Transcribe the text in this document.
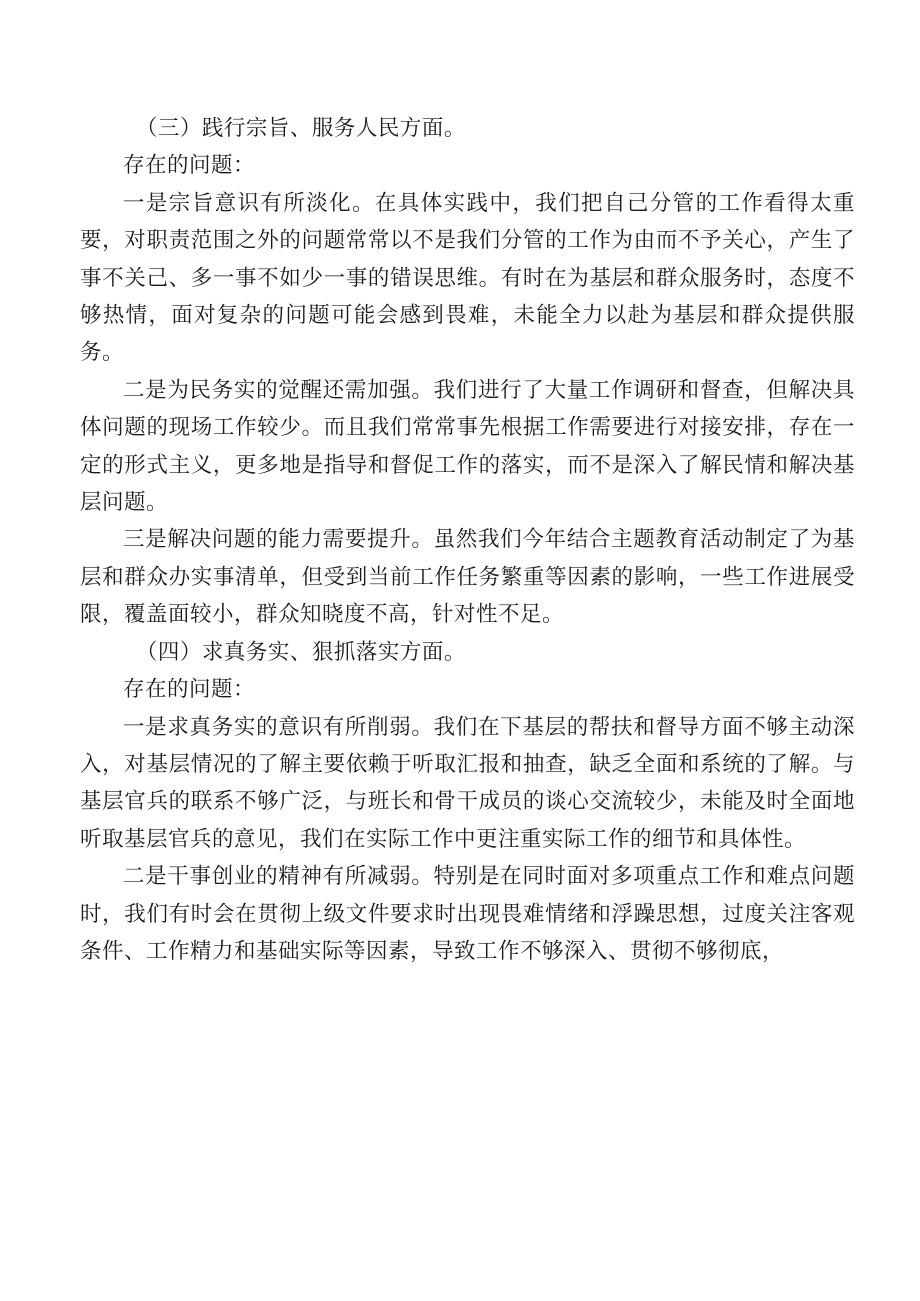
（三）践行宗旨、服务人民方面。

存在的问题：

一是宗旨意识有所淡化。在具体实践中，我们把自己分管的工作看得太重要，对职责范围之外的问题常常以不是我们分管的工作为由而不予关心，产生了事不关己、多一事不如少一事的错误思维。有时在为基层和群众服务时，态度不够热情，面对复杂的问题可能会感到畏难，未能全力以赴为基层和群众提供服务。

二是为民务实的觉醒还需加强。我们进行了大量工作调研和督查，但解决具体问题的现场工作较少。而且我们常常事先根据工作需要进行对接安排，存在一定的形式主义，更多地是指导和督促工作的落实，而不是深入了解民情和解决基层问题。

三是解决问题的能力需要提升。虽然我们今年结合主题教育活动制定了为基层和群众办实事清单，但受到当前工作任务繁重等因素的影响，一些工作进展受限，覆盖面较小，群众知晓度不高，针对性不足。

（四）求真务实、狠抓落实方面。

存在的问题：

一是求真务实的意识有所削弱。我们在下基层的帮扶和督导方面不够主动深入，对基层情况的了解主要依赖于听取汇报和抽查，缺乏全面和系统的了解。与基层官兵的联系不够广泛，与班长和骨干成员的谈心交流较少，未能及时全面地听取基层官兵的意见，我们在实际工作中更注重实际工作的细节和具体性。

二是干事创业的精神有所减弱。特别是在同时面对多项重点工作和难点问题时，我们有时会在贯彻上级文件要求时出现畏难情绪和浮躁思想，过度关注客观条件、工作精力和基础实际等因素，导致工作不够深入、贯彻不够彻底，
